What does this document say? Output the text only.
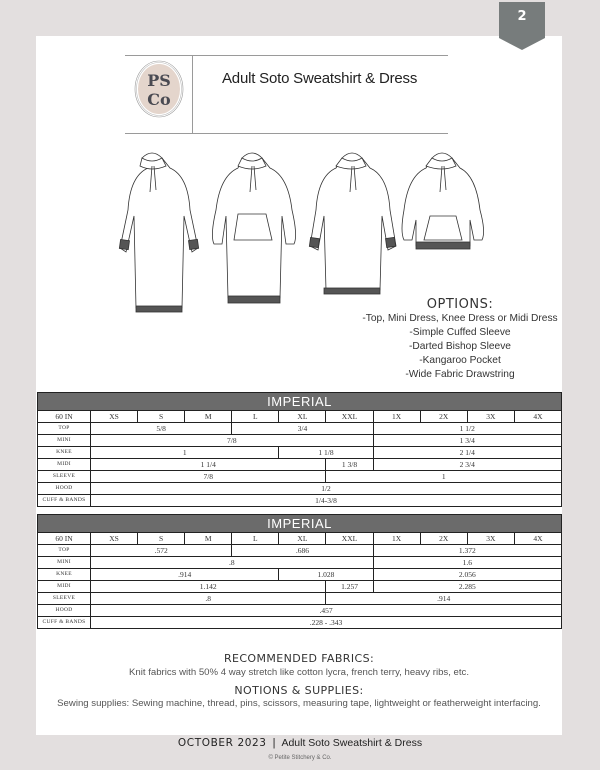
2
PS
Co
Adult Soto Sweatshirt & Dress
OPTIONS:
-Top, Mini Dress, Knee Dress or Midi Dress
-Simple Cuffed Sleeve
-Darted Bishop Sleeve
-Kangaroo Pocket
-Wide Fabric Drawstring
IMPERIAL										
60 IN	XS	S	M	L	XL	XXL	1X	2X	3X	4X
TOP	5/8			3/4			1 1/2			
MINI	7/8						1 3/4			
KNEE	1				1 1/8		2 1/4			
MIDI	1 1/4					1 3/8	2 3/4			
SLEEVE	7/8					1				
HOOD	1/2									
CUFF & BANDS	1/4-3/8									
IMPERIAL										
60 IN	XS	S	M	L	XL	XXL	1X	2X	3X	4X
TOP	.572			.686			1.372			
MINI	.8						1.6			
KNEE	.914				1.028		2.056			
MIDI	1.142					1.257	2.285			
SLEEVE	.8					.914				
HOOD	.457									
CUFF & BANDS	.228 - .343									
RECOMMENDED FABRICS:
Knit fabrics with 50% 4 way stretch like cotton lycra, french terry, heavy ribs, etc.
NOTIONS & SUPPLIES:
Sewing supplies: Sewing machine, thread, pins, scissors, measuring tape, lightweight or featherweight interfacing.
OCTOBER 2023 | Adult Soto Sweatshirt & Dress
© Petite Stitchery & Co.
